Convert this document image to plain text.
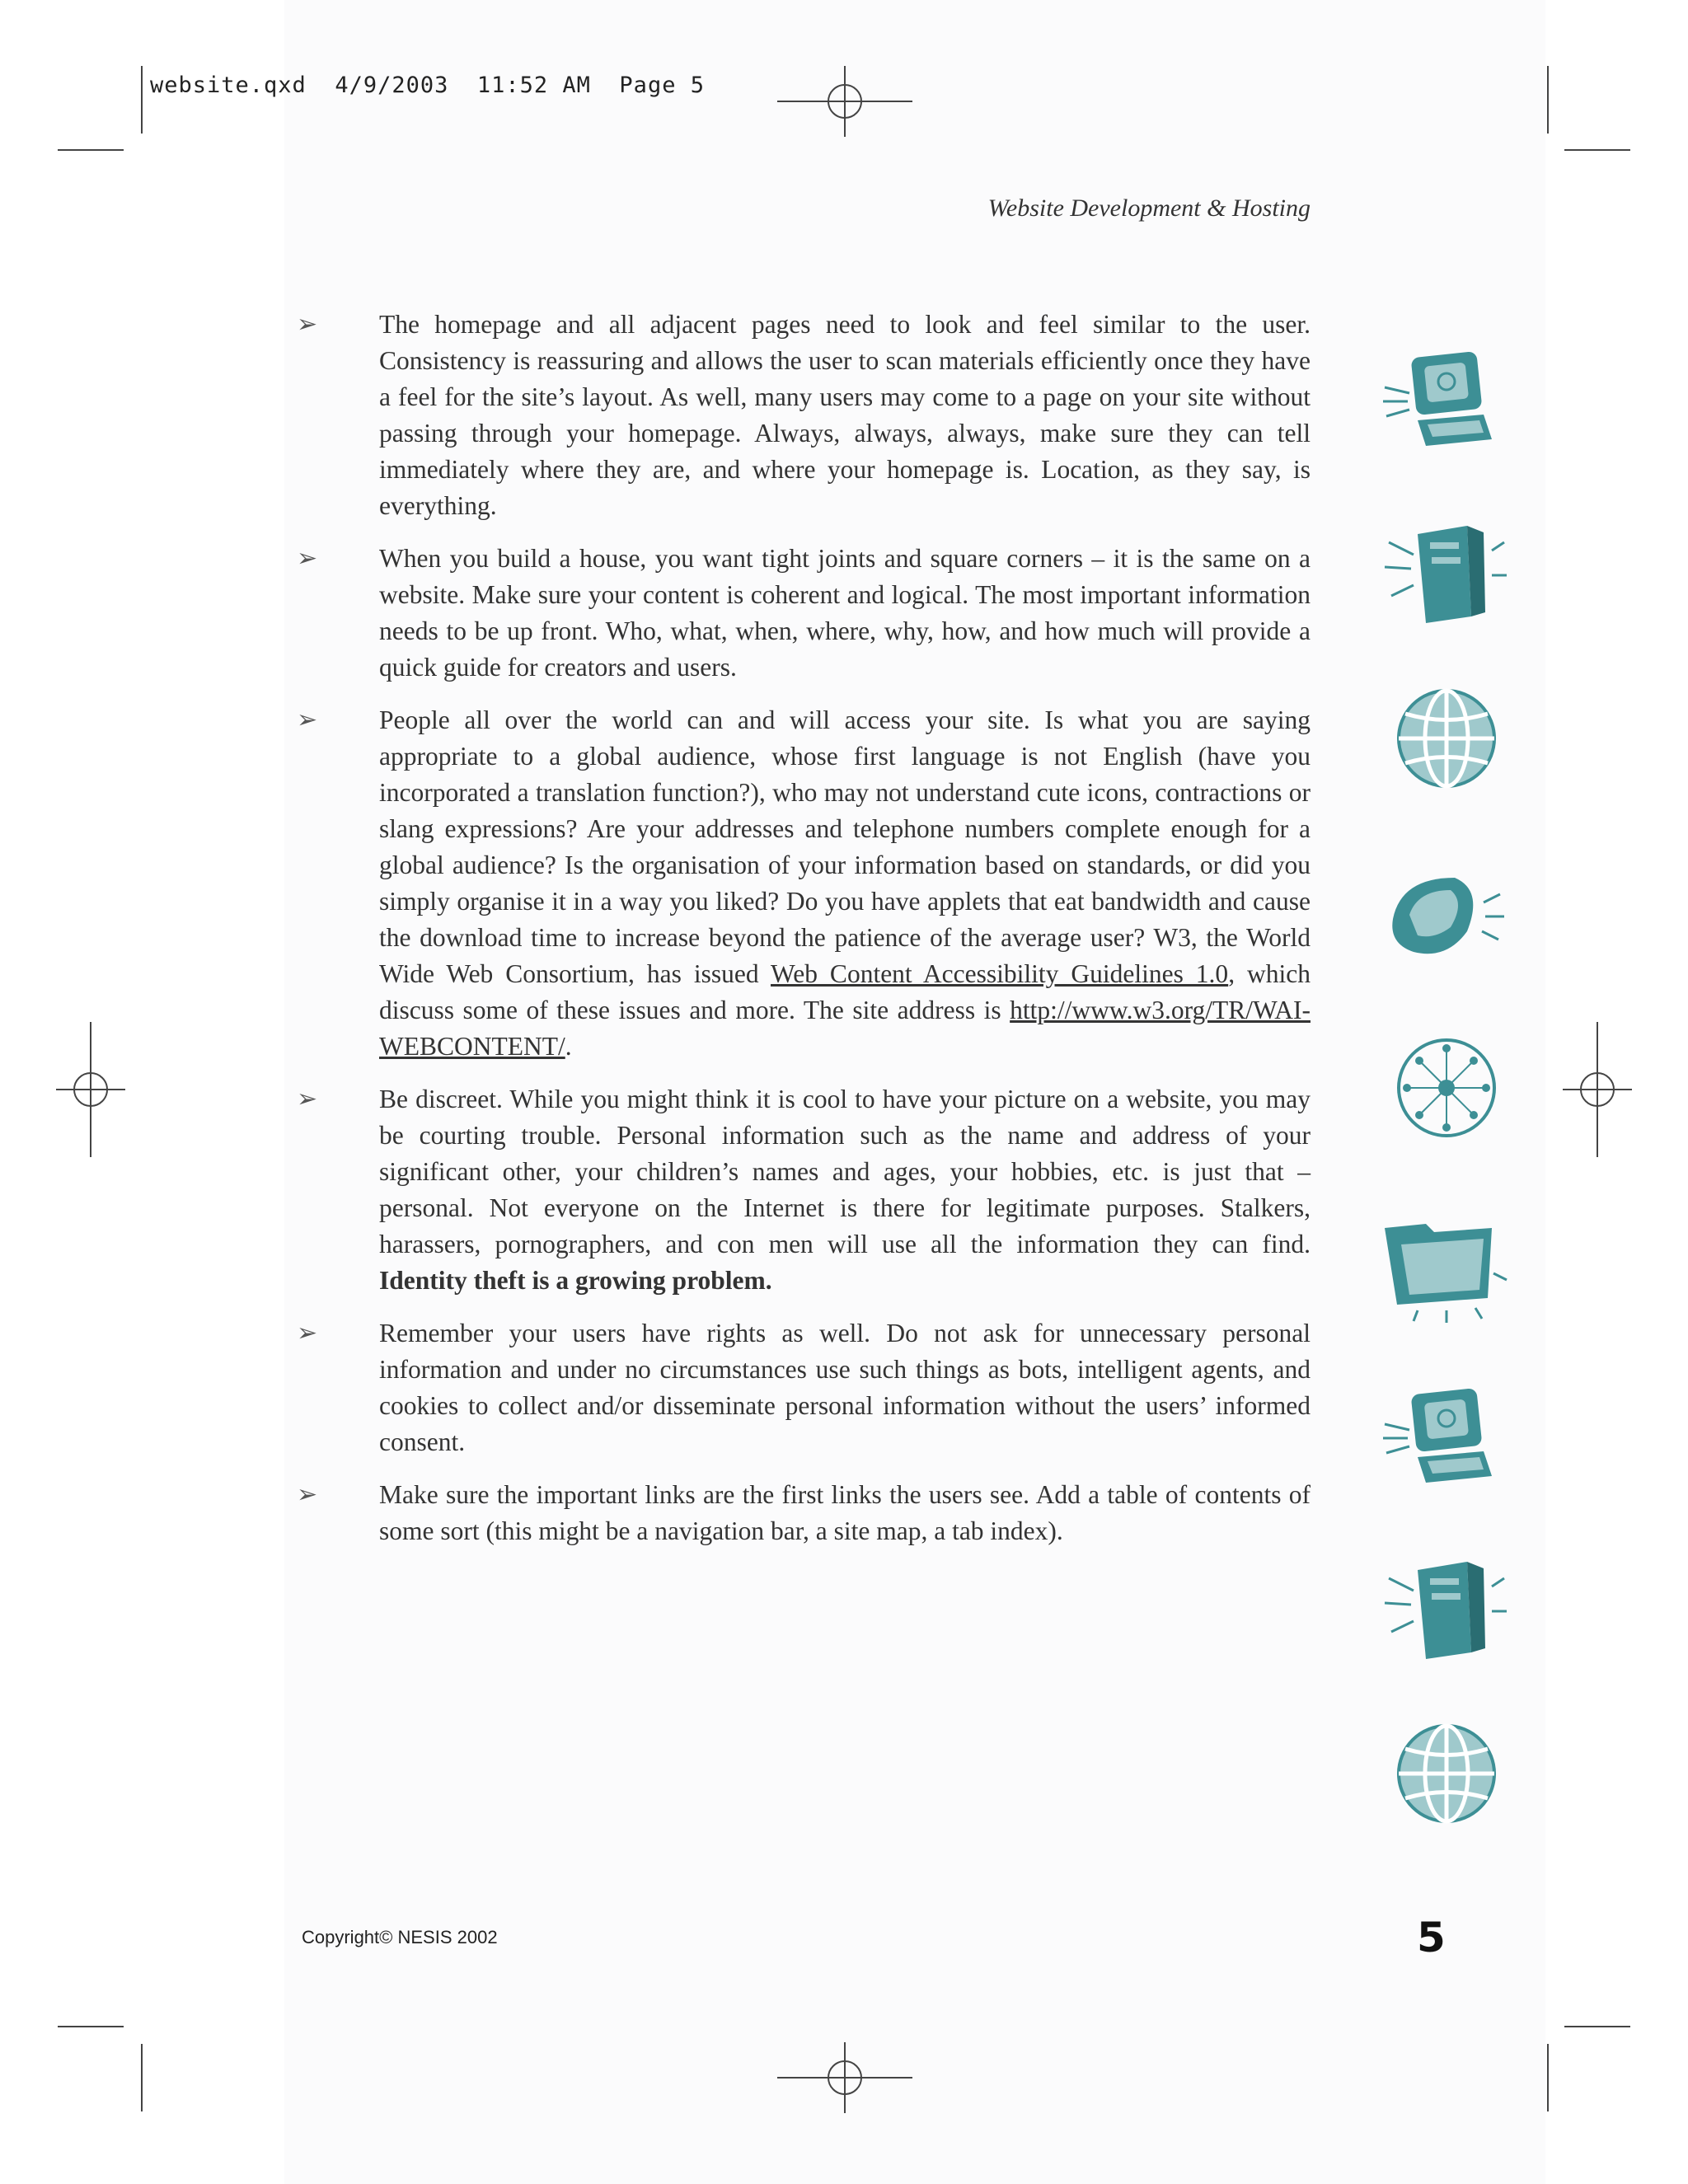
website.qxd  4/9/2003  11:52 AM  Page 5
Website Development & Hosting
➢ The homepage and all adjacent pages need to look and feel similar to the user. Consistency is reassuring and allows the user to scan materials efficiently once they have a feel for the site’s layout. As well, many users may come to a page on your site without passing through your homepage. Always, always, always, make sure they can tell immediately where they are, and where your homepage is. Location, as they say, is everything.
➢ When you build a house, you want tight joints and square corners – it is the same on a website. Make sure your content is coherent and logical. The most important information needs to be up front. Who, what, when, where, why, how, and how much will provide a quick guide for creators and users.
➢ People all over the world can and will access your site. Is what you are saying appropriate to a global audience, whose first language is not English (have you incorporated a translation function?), who may not understand cute icons, contractions or slang expressions? Are your addresses and telephone numbers complete enough for a global audience? Is the organisation of your information based on standards, or did you simply organise it in a way you liked? Do you have applets that eat bandwidth and cause the download time to increase beyond the patience of the average user? W3, the World Wide Web Consortium, has issued Web Content Accessibility Guidelines 1.0, which discuss some of these issues and more. The site address is http://www.w3.org/TR/WAI-WEBCONTENT/.
➢ Be discreet. While you might think it is cool to have your picture on a website, you may be courting trouble. Personal information such as the name and address of your significant other, your children’s names and ages, your hobbies, etc. is just that – personal. Not everyone on the Internet is there for legitimate purposes. Stalkers, harassers, pornographers, and con men will use all the information they can find. Identity theft is a growing problem.
➢ Remember your users have rights as well. Do not ask for unnecessary personal information and under no circumstances use such things as bots, intelligent agents, and cookies to collect and/or disseminate personal information without the users’ informed consent.
➢ Make sure the important links are the first links the users see. Add a table of contents of some sort (this might be a navigation bar, a site map, a tab index).
Copyright© NESIS 2002	5
